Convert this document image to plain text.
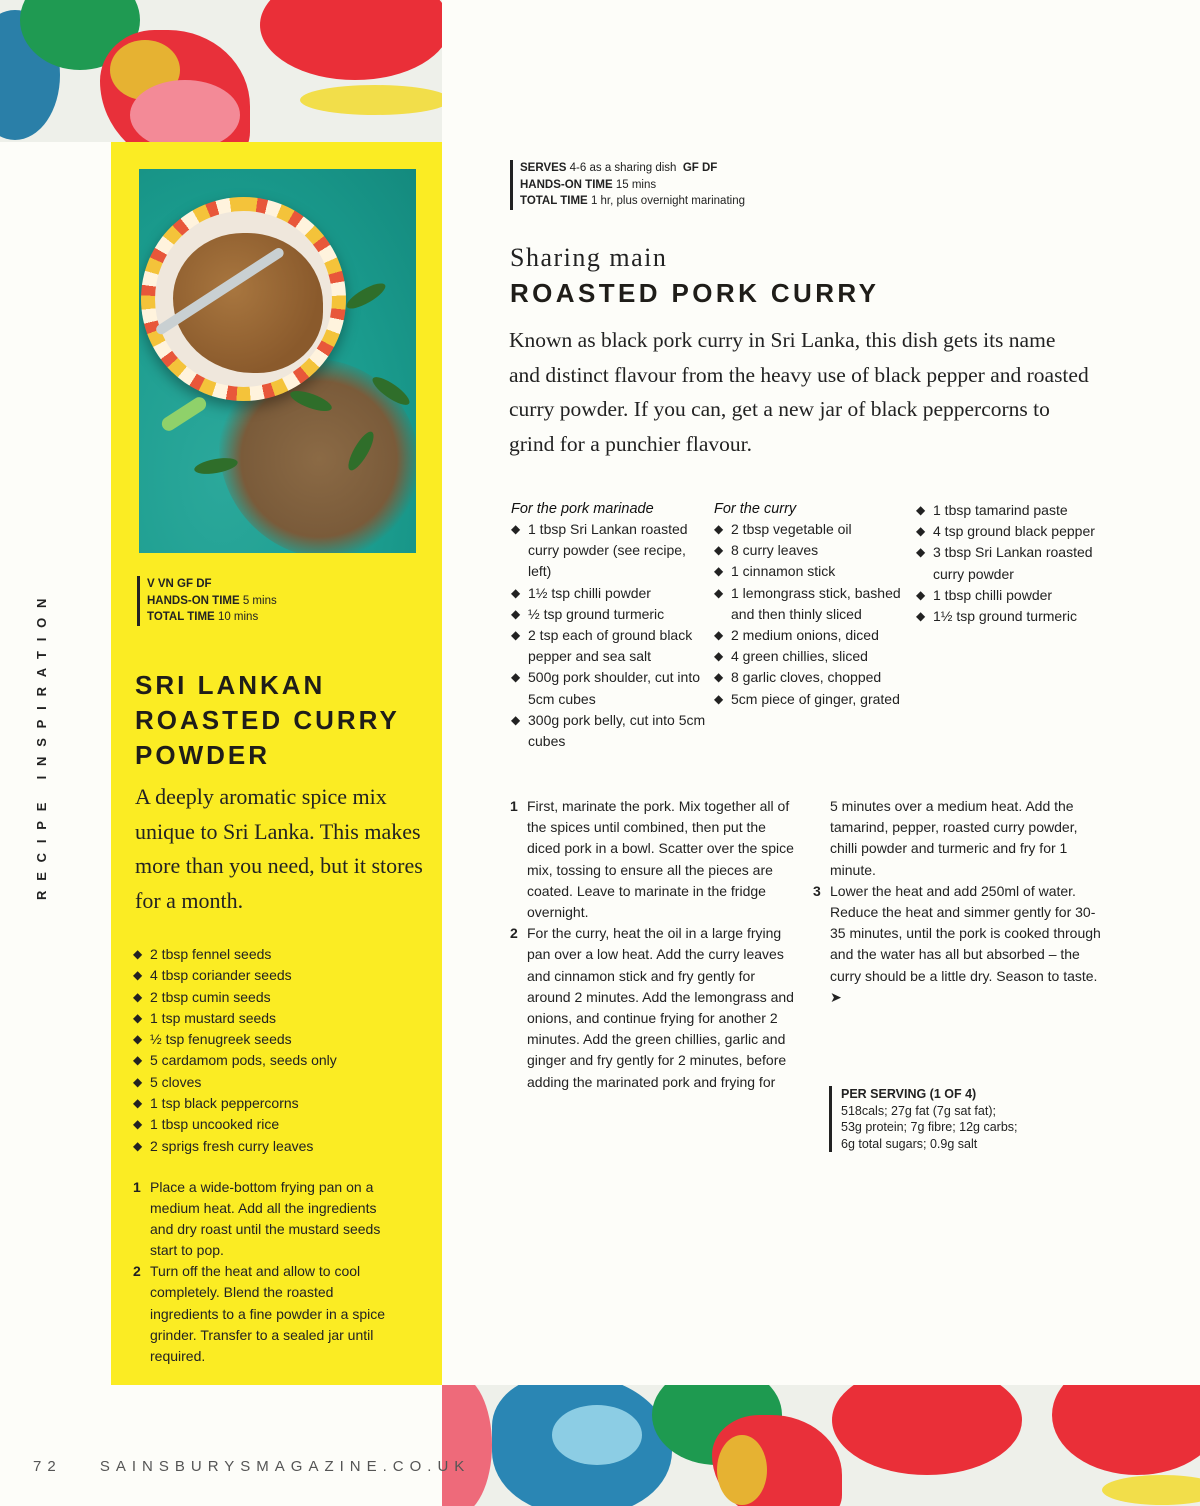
RECIPE INSPIRATION
V VN GF DF
HANDS-ON TIME 5 mins
TOTAL TIME 10 mins
SRI LANKAN
ROASTED CURRY
POWDER
A deeply aromatic spice mix unique to Sri Lanka. This makes more than you need, but it stores for a month.
◆ 2 tbsp fennel seeds
◆ 4 tbsp coriander seeds
◆ 2 tbsp cumin seeds
◆ 1 tsp mustard seeds
◆ ½ tsp fenugreek seeds
◆ 5 cardamom pods, seeds only
◆ 5 cloves
◆ 1 tsp black peppercorns
◆ 1 tbsp uncooked rice
◆ 2 sprigs fresh curry leaves
1 Place a wide-bottom frying pan on a medium heat. Add all the ingredients and dry roast until the mustard seeds start to pop.
2 Turn off the heat and allow to cool completely. Blend the roasted ingredients to a fine powder in a spice grinder. Transfer to a sealed jar until required.
SERVES 4-6 as a sharing dish GF DF
HANDS-ON TIME 15 mins
TOTAL TIME 1 hr, plus overnight marinating
Sharing main
ROASTED PORK CURRY
Known as black pork curry in Sri Lanka, this dish gets its name and distinct flavour from the heavy use of black pepper and roasted curry powder. If you can, get a new jar of black peppercorns to grind for a punchier flavour.
For the pork marinade
◆ 1 tbsp Sri Lankan roasted curry powder (see recipe, left)
◆ 1½ tsp chilli powder
◆ ½ tsp ground turmeric
◆ 2 tsp each of ground black pepper and sea salt
◆ 500g pork shoulder, cut into 5cm cubes
◆ 300g pork belly, cut into 5cm cubes
For the curry
◆ 2 tbsp vegetable oil
◆ 8 curry leaves
◆ 1 cinnamon stick
◆ 1 lemongrass stick, bashed and then thinly sliced
◆ 2 medium onions, diced
◆ 4 green chillies, sliced
◆ 8 garlic cloves, chopped
◆ 5cm piece of ginger, grated
◆ 1 tbsp tamarind paste
◆ 4 tsp ground black pepper
◆ 3 tbsp Sri Lankan roasted curry powder
◆ 1 tbsp chilli powder
◆ 1½ tsp ground turmeric
1 First, marinate the pork. Mix together all of the spices until combined, then put the diced pork in a bowl. Scatter over the spice mix, tossing to ensure all the pieces are coated. Leave to marinate in the fridge overnight.
2 For the curry, heat the oil in a large frying pan over a low heat. Add the curry leaves and cinnamon stick and fry gently for around 2 minutes. Add the lemongrass and onions, and continue frying for another 2 minutes. Add the green chillies, garlic and ginger and fry gently for 2 minutes, before adding the marinated pork and frying for
5 minutes over a medium heat. Add the tamarind, pepper, roasted curry powder, chilli powder and turmeric and fry for 1 minute.
3 Lower the heat and add 250ml of water. Reduce the heat and simmer gently for 30-35 minutes, until the pork is cooked through and the water has all but absorbed – the curry should be a little dry. Season to taste. ➤
PER SERVING (1 OF 4)
518cals; 27g fat (7g sat fat);
53g protein; 7g fibre; 12g carbs;
6g total sugars; 0.9g salt
72	SAINSBURYSMAGAZINE.CO.UK
